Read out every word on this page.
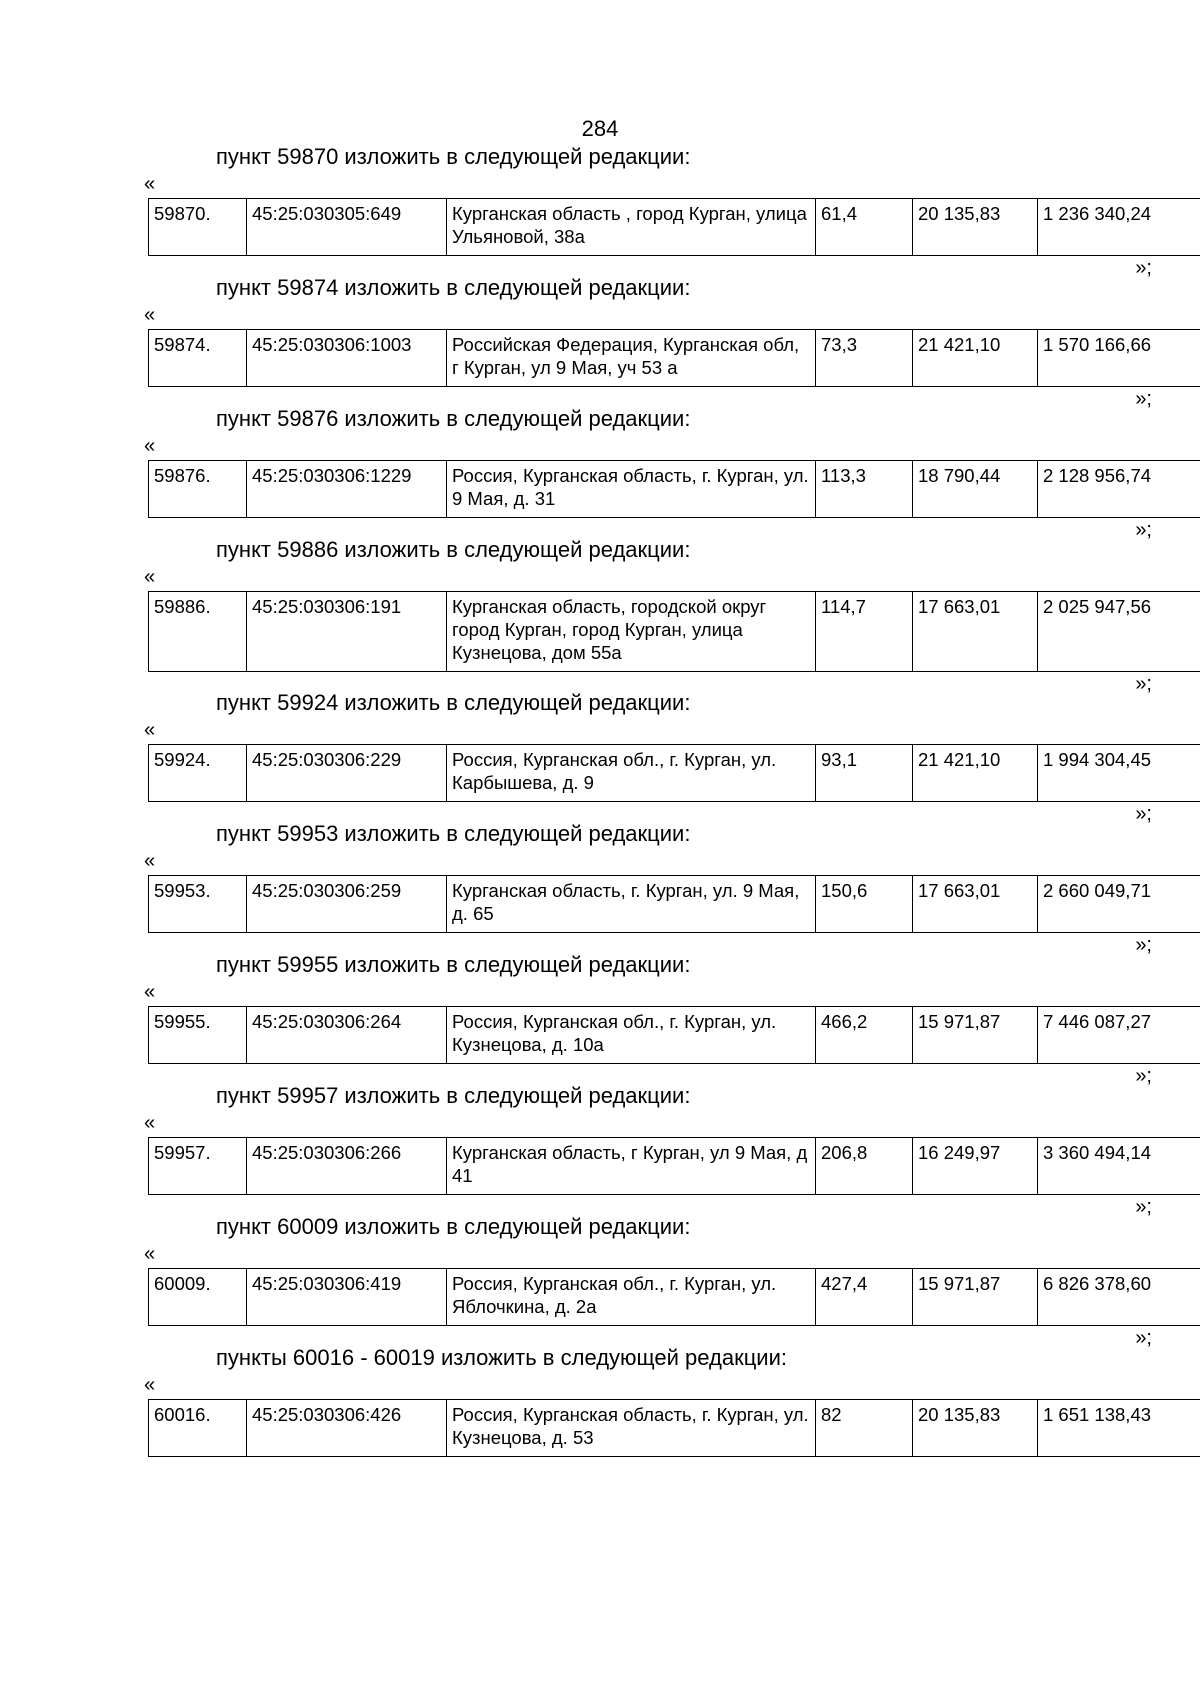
284
пункт 59870 изложить в следующей редакции:
«
59870.	45:25:030305:649	Курганская область , город Курган, улица Ульяновой, 38а	61,4	20 135,83	1 236 340,24
»;
пункт 59874 изложить в следующей редакции:
«
59874.	45:25:030306:1003	Российская Федерация, Курганская обл, г Курган, ул 9 Мая, уч 53 а	73,3	21 421,10	1 570 166,66
»;
пункт 59876 изложить в следующей редакции:
«
59876.	45:25:030306:1229	Россия, Курганская область, г. Курган, ул. 9 Мая, д. 31	113,3	18 790,44	2 128 956,74
»;
пункт 59886 изложить в следующей редакции:
«
59886.	45:25:030306:191	Курганская область, городской округ город Курган, город Курган, улица Кузнецова, дом 55а	114,7	17 663,01	2 025 947,56
»;
пункт 59924 изложить в следующей редакции:
«
59924.	45:25:030306:229	Россия, Курганская обл., г. Курган, ул. Карбышева, д. 9	93,1	21 421,10	1 994 304,45
»;
пункт 59953 изложить в следующей редакции:
«
59953.	45:25:030306:259	Курганская область, г. Курган, ул. 9 Мая, д. 65	150,6	17 663,01	2 660 049,71
»;
пункт 59955 изложить в следующей редакции:
«
59955.	45:25:030306:264	Россия, Курганская обл., г. Курган, ул. Кузнецова, д. 10а	466,2	15 971,87	7 446 087,27
»;
пункт 59957 изложить в следующей редакции:
«
59957.	45:25:030306:266	Курганская область, г Курган, ул 9 Мая, д 41	206,8	16 249,97	3 360 494,14
»;
пункт 60009 изложить в следующей редакции:
«
60009.	45:25:030306:419	Россия, Курганская обл., г. Курган, ул. Яблочкина, д. 2а	427,4	15 971,87	6 826 378,60
»;
пункты 60016 - 60019 изложить в следующей редакции:
«
60016.	45:25:030306:426	Россия, Курганская область, г. Курган, ул. Кузнецова, д. 53	82	20 135,83	1 651 138,43
